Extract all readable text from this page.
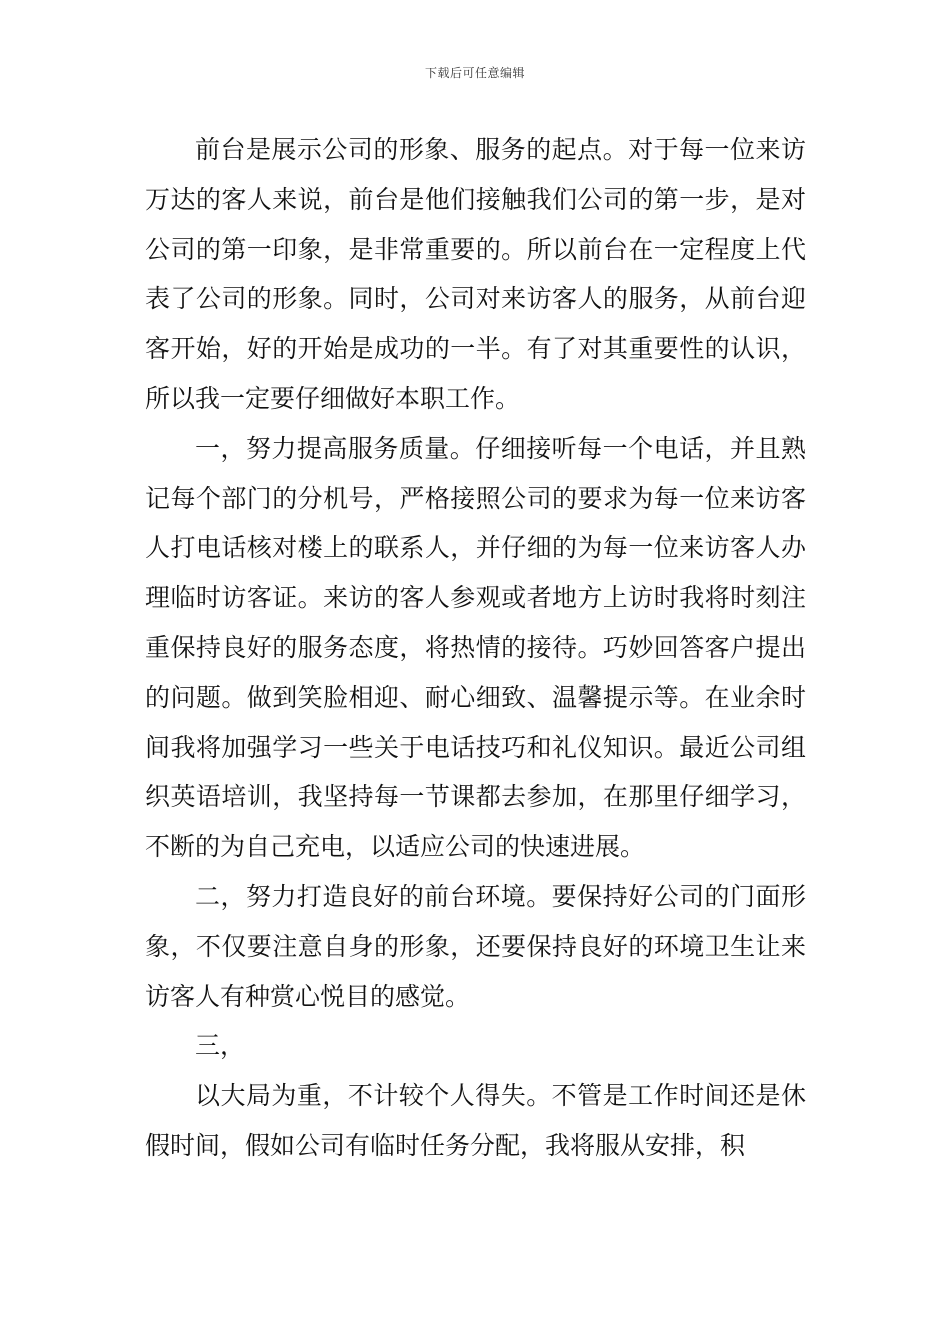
下载后可任意编辑

前台是展示公司的形象、服务的起点。对于每一位来访万达的客人来说，前台是他们接触我们公司的第一步，是对公司的第一印象，是非常重要的。所以前台在一定程度上代表了公司的形象。同时，公司对来访客人的服务，从前台迎客开始，好的开始是成功的一半。有了对其重要性的认识，所以我一定要仔细做好本职工作。

一，努力提高服务质量。仔细接听每一个电话，并且熟记每个部门的分机号，严格接照公司的要求为每一位来访客人打电话核对楼上的联系人，并仔细的为每一位来访客人办理临时访客证。来访的客人参观或者地方上访时我将时刻注重保持良好的服务态度，将热情的接待。巧妙回答客户提出的问题。做到笑脸相迎、耐心细致、温馨提示等。在业余时间我将加强学习一些关于电话技巧和礼仪知识。最近公司组织英语培训，我坚持每一节课都去参加，在那里仔细学习，不断的为自己充电，以适应公司的快速进展。

二，努力打造良好的前台环境。要保持好公司的门面形象，不仅要注意自身的形象，还要保持良好的环境卫生让来访客人有种赏心悦目的感觉。

三，

以大局为重，不计较个人得失。不管是工作时间还是休假时间，假如公司有临时任务分配，我将服从安排，积
